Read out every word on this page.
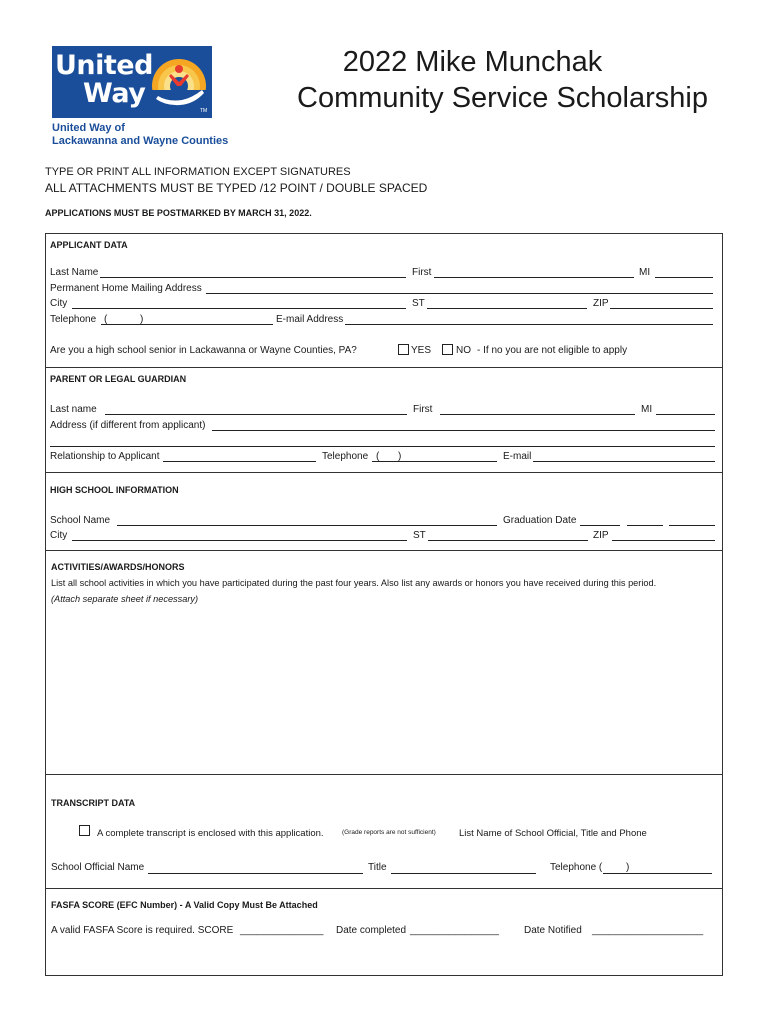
United
Way
TM
United Way of
Lackawanna and Wayne Counties
2022 Mike Munchak
Community Service Scholarship
TYPE OR PRINT ALL INFORMATION EXCEPT SIGNATURES
ALL ATTACHMENTS MUST BE TYPED /12 POINT / DOUBLE SPACED
APPLICATIONS MUST BE POSTMARKED BY MARCH 31, 2022.
APPLICANT DATA
Last Name	First	MI
Permanent Home Mailing Address
City	ST	ZIP
Telephone (	)	E-mail Address
Are you a high school senior in Lackawanna or Wayne Counties, PA?	YES NO - If no you are not eligible to apply
PARENT OR LEGAL GUARDIAN
Last name	First	MI
Address (if different from applicant)
Relationship to Applicant	Telephone ( )	E-mail
HIGH SCHOOL INFORMATION
School Name	Graduation Date
City	ST	ZIP
ACTIVITIES/AWARDS/HONORS
List all school activities in which you have participated during the past four years. Also list any awards or honors you have received during this period.
(Attach separate sheet if necessary)
TRANSCRIPT DATA
A complete transcript is enclosed with this application.	(Grade reports are not sufficient) List Name of School Official, Title and Phone
School Official Name	Title	Telephone ( )
FASFA SCORE (EFC Number) - A Valid Copy Must Be Attached
A valid FASFA Score is required. SCORE _______________ Date completed ________________	Date Notified ____________________
